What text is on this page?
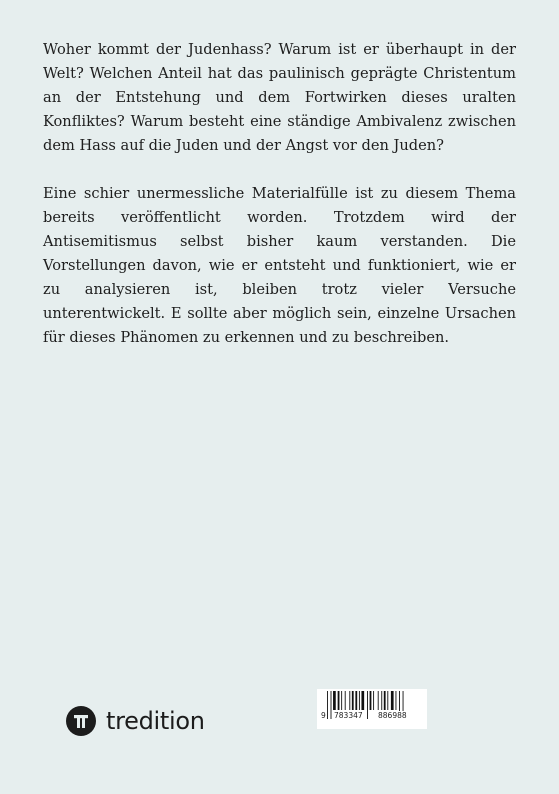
Woher kommt der Judenhass? Warum ist er überhaupt in der Welt? Welchen Anteil hat das paulinisch geprägte Christentum an der Entstehung und dem Fortwirken dieses uralten Konfliktes? Warum besteht eine ständige Ambivalenz zwischen dem Hass auf die Juden und der Angst vor den Juden?

Eine schier unermessliche Materialfülle ist zu diesem Thema bereits veröffentlicht worden. Trotzdem wird der Antisemitismus selbst bisher kaum verstanden. Die Vorstellungen davon, wie er entsteht und funktioniert, wie er zu analysieren ist, bleiben trotz vieler Versuche unterentwickelt. E sollte aber möglich sein, einzelne Ursachen für dieses Phänomen zu erkennen und zu beschreiben.

tredition	9 783347 886988
